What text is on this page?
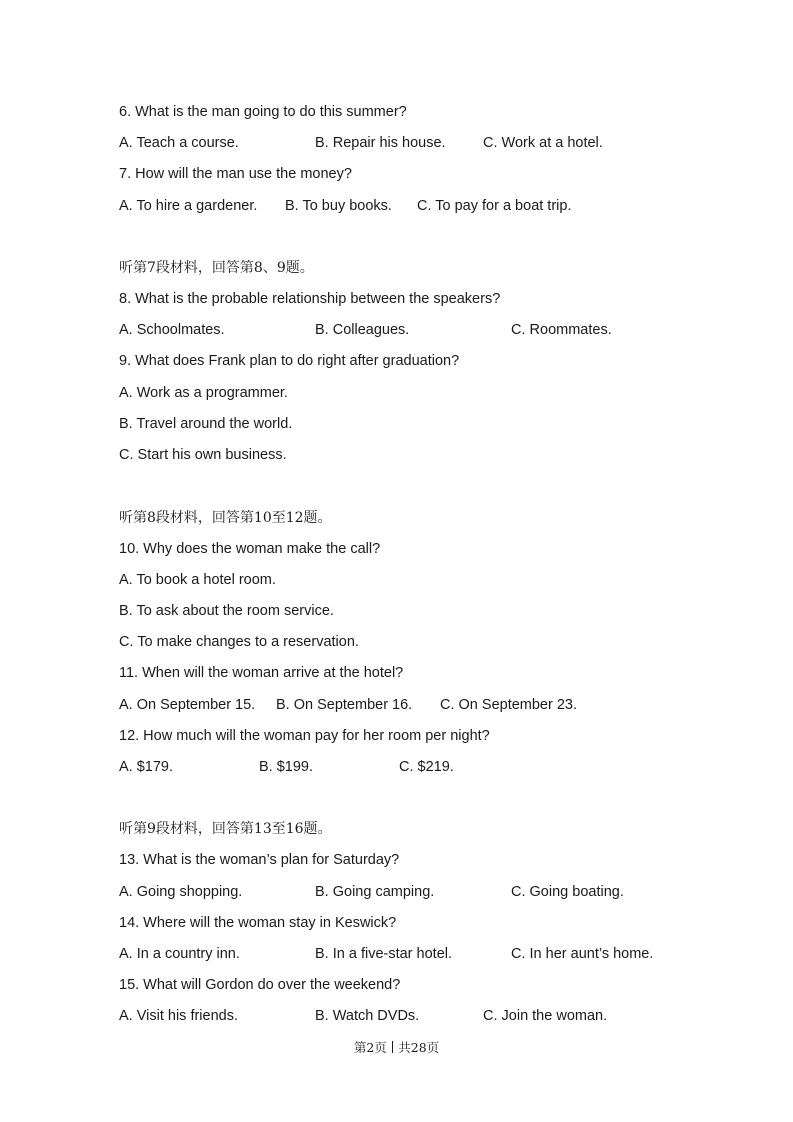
6. What is the man going to do this summer?
A. Teach a course.	B. Repair his house.	C. Work at a hotel.
7. How will the man use the money?
A. To hire a gardener. B. To buy books. C. To pay for a boat trip.
听第7段材料，回答第8、9题。
8. What is the probable relationship between the speakers?
A. Schoolmates.	B. Colleagues.	C. Roommates.
9. What does Frank plan to do right after graduation?
A. Work as a programmer.
B. Travel around the world.
C. Start his own business.
听第8段材料，回答第10至12题。
10. Why does the woman make the call?
A. To book a hotel room.
B. To ask about the room service.
C. To make changes to a reservation.
11. When will the woman arrive at the hotel?
A. On September 15. B. On September 16. C. On September 23.
12. How much will the woman pay for her room per night?
A. $179.	B. $199.	C. $219.
听第9段材料，回答第13至16题。
13. What is the woman’s plan for Saturday?
A. Going shopping.	B. Going camping.	C. Going boating.
14. Where will the woman stay in Keswick?
A. In a country inn.	B. In a five-star hotel.	C. In her aunt’s home.
15. What will Gordon do over the weekend?
A. Visit his friends.	B. Watch DVDs.	C. Join the woman.
第2页 共28页
